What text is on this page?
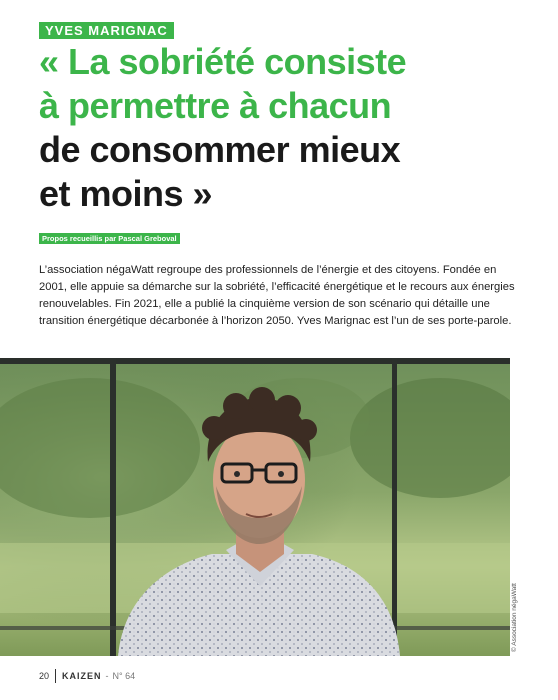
YVES MARIGNAC
« La sobriété consiste
à permettre à chacun
de consommer mieux
et moins »
Propos recueillis par Pascal Greboval

L’association négaWatt regroupe des professionnels de l’énergie et des citoyens. Fondée en
2001, elle appuie sa démarche sur la sobriété, l’efficacité énergétique et le recours aux énergies
renouvelables. Fin 2021, elle a publié la cinquième version de son scénario qui détaille une
transition énergétique décarbonée à l’horizon 2050. Yves Marignac est l’un de ses porte-parole.

© Association négaWatt
20	KAIZEN - N° 64
